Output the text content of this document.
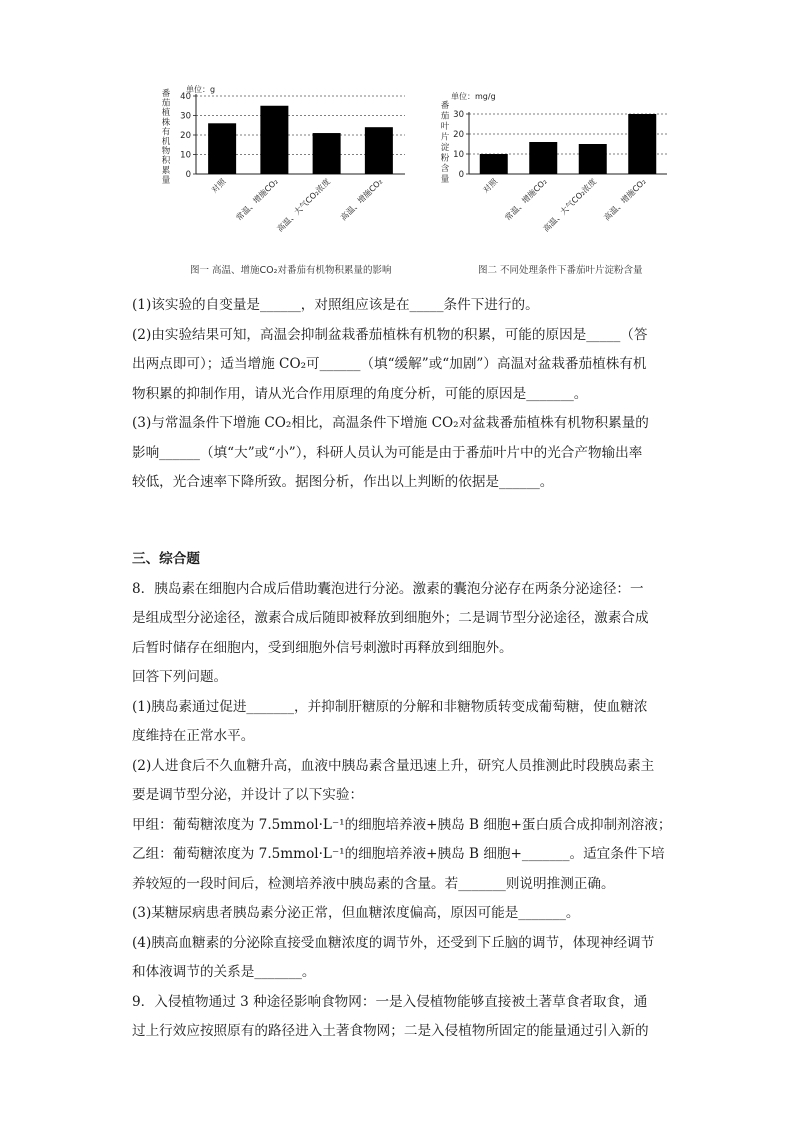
单位：g
番
茄
植
株
有
机
物
积
累
量
0
10
20
30
40
对照 常温、增施CO₂
高温、大气CO₂浓度 高温、增施CO₂
图一 高温、增施CO₂对番茄有机物积累量的影响
单位：mg/g
番
茄
叶
片
淀
粉
含
量 0
10
20
30
对照 常温、增施CO₂
高温、大气CO₂浓度 高温、增施CO₂
图二 不同处理条件下番茄叶片淀粉含量
(1)该实验的自变量是______，对照组应该是在_____条件下进行的。
(2)由实验结果可知，高温会抑制盆栽番茄植株有机物的积累，可能的原因是_____（答
出两点即可）；适当增施 CO₂可______（填“缓解”或“加剧”）高温对盆栽番茄植株有机
物积累的抑制作用，请从光合作用原理的角度分析，可能的原因是_______。
(3)与常温条件下增施 CO₂相比，高温条件下增施 CO₂对盆栽番茄植株有机物积累量的
影响______（填“大”或“小”），科研人员认为可能是由于番茄叶片中的光合产物输出率
较低，光合速率下降所致。据图分析，作出以上判断的依据是______。
三、综合题
8．胰岛素在细胞内合成后借助囊泡进行分泌。激素的囊泡分泌存在两条分泌途径：一
是组成型分泌途径，激素合成后随即被释放到细胞外；二是调节型分泌途径，激素合成
后暂时储存在细胞内，受到细胞外信号刺激时再释放到细胞外。
回答下列问题。
(1)胰岛素通过促进_______，并抑制肝糖原的分解和非糖物质转变成葡萄糖，使血糖浓
度维持在正常水平。
(2)人进食后不久血糖升高，血液中胰岛素含量迅速上升，研究人员推测此时段胰岛素主
要是调节型分泌，并设计了以下实验：
甲组：葡萄糖浓度为 7.5mmol·L⁻¹的细胞培养液+胰岛 B 细胞+蛋白质合成抑制剂溶液；
乙组：葡萄糖浓度为 7.5mmol·L⁻¹的细胞培养液+胰岛 B 细胞+_______。适宜条件下培
养较短的一段时间后，检测培养液中胰岛素的含量。若_______则说明推测正确。
(3)某糖尿病患者胰岛素分泌正常，但血糖浓度偏高，原因可能是_______。
(4)胰高血糖素的分泌除直接受血糖浓度的调节外，还受到下丘脑的调节，体现神经调节
和体液调节的关系是_______。
9．入侵植物通过 3 种途径影响食物网：一是入侵植物能够直接被土著草食者取食，通
过上行效应按照原有的路径进入土著食物网；二是入侵植物所固定的能量通过引入新的
